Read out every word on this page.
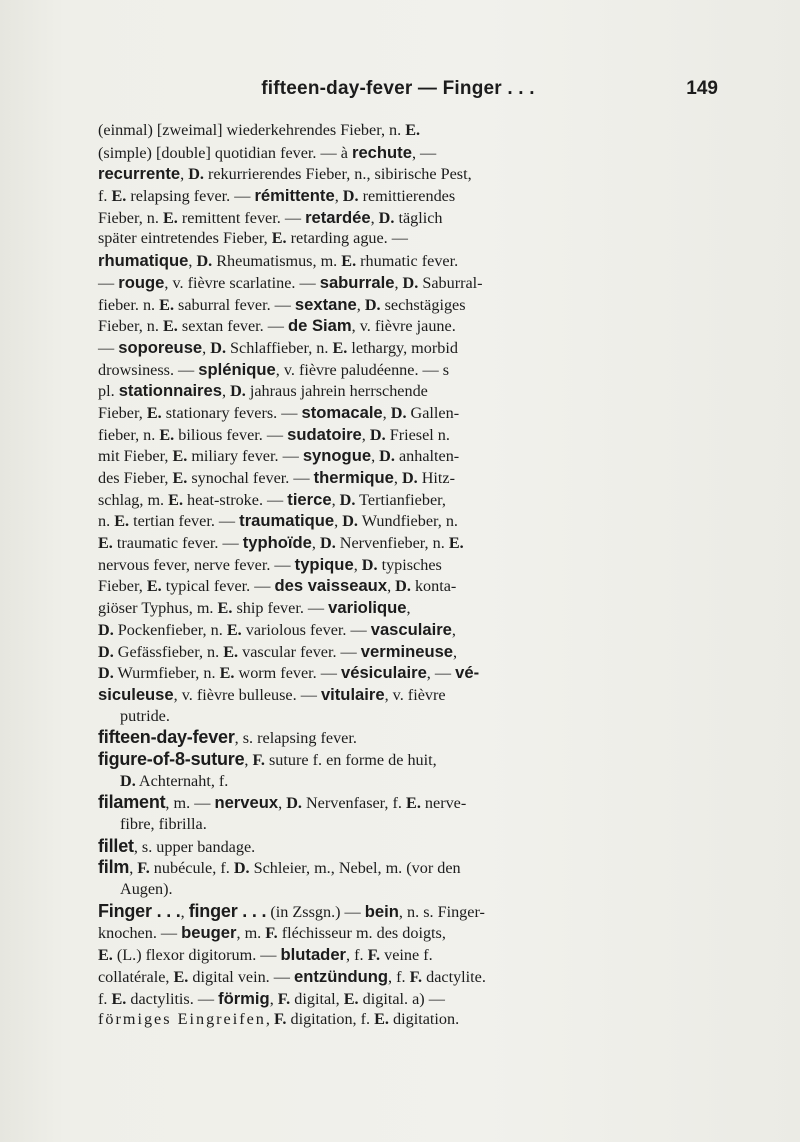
fifteen-day-fever — Finger . . .	149
(einmal) [zweimal] wiederkehrendes Fieber, n. E.
(simple) [double] quotidian fever. — à rechute, —
recurrente, D. rekurrierendes Fieber, n., sibirische Pest,
f. E. relapsing fever. — rémittente, D. remittierendes
Fieber, n. E. remittent fever. — retardée, D. täglich
später eintretendes Fieber, E. retarding ague. —
rhumatique, D. Rheumatismus, m. E. rhumatic fever.
— rouge, v. fièvre scarlatine. — saburrale, D. Saburral-
fieber. n. E. saburral fever. — sextane, D. sechstägiges
Fieber, n. E. sextan fever. — de Siam, v. fièvre jaune.
— soporeuse, D. Schlaffieber, n. E. lethargy, morbid
drowsiness. — splénique, v. fièvre paludéenne. — s
pl. stationnaires, D. jahraus jahrein herrschende
Fieber, E. stationary fevers. — stomacale, D. Gallen-
fieber, n. E. bilious fever. — sudatoire, D. Friesel n.
mit Fieber, E. miliary fever. — synogue, D. anhalten-
des Fieber, E. synochal fever. — thermique, D. Hitz-
schlag, m. E. heat-stroke. — tierce, D. Tertianfieber,
n. E. tertian fever. — traumatique, D. Wundfieber, n.
E. traumatic fever. — typhoïde, D. Nervenfieber, n. E.
nervous fever, nerve fever. — typique, D. typisches
Fieber, E. typical fever. — des vaisseaux, D. konta-
giöser Typhus, m. E. ship fever. — variolique,
D. Pockenfieber, n. E. variolous fever. — vasculaire,
D. Gefässfieber, n. E. vascular fever. — vermineuse,
D. Wurmfieber, n. E. worm fever. — vésiculaire, — vé-
siculeuse, v. fièvre bulleuse. — vitulaire, v. fièvre
putride.
fifteen-day-fever, s. relapsing fever.
figure-of-8-suture, F. suture f. en forme de huit,
D. Achternaht, f.
filament, m. — nerveux, D. Nervenfaser, f. E. nerve-
fibre, fibrilla.
fillet, s. upper bandage.
film, F. nubécule, f. D. Schleier, m., Nebel, m. (vor den
Augen).
Finger . . ., finger . . . (in Zssgn.) — bein, n. s. Finger-
knochen. — beuger, m. F. fléchisseur m. des doigts,
E. (L.) flexor digitorum. — blutader, f. F. veine f.
collatérale, E. digital vein. — entzündung, f. F. dactylite.
f. E. dactylitis. — förmig, F. digital, E. digital. a) —
förmiges Eingreifen, F. digitation, f. E. digitation.
